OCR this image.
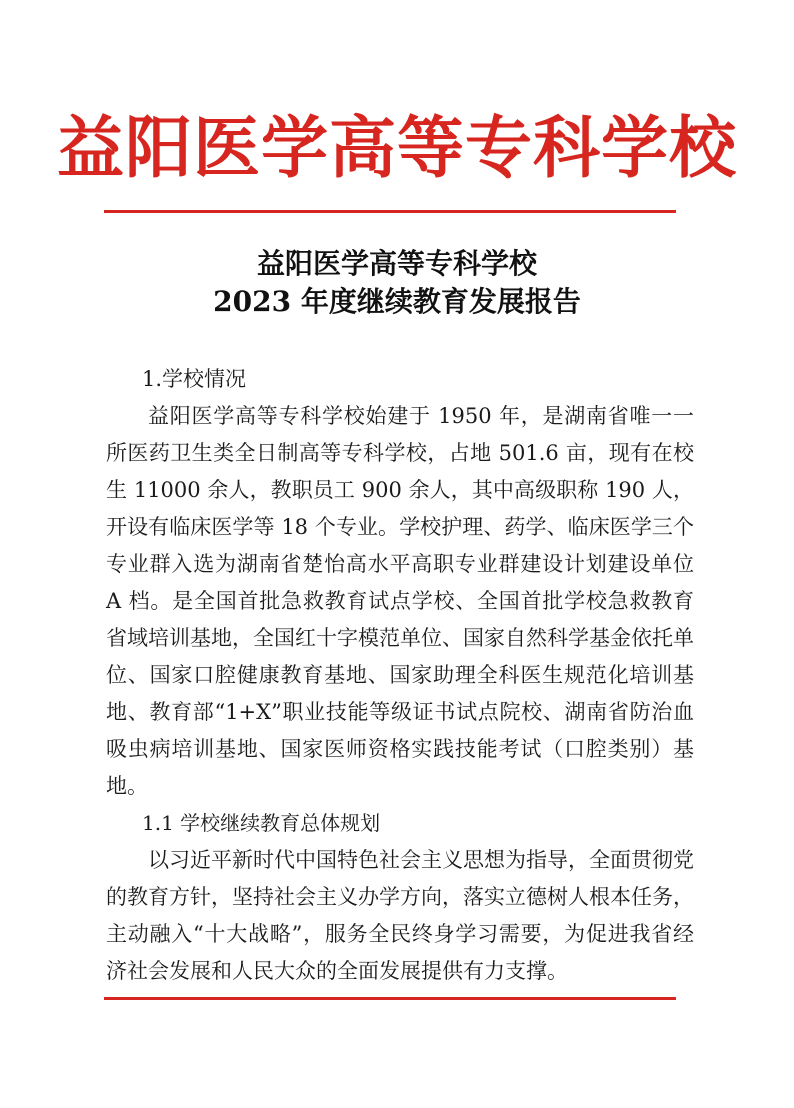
益阳医学高等专科学校
益阳医学高等专科学校
2023 年度继续教育发展报告

1.学校情况

益阳医学高等专科学校始建于 1950 年，是湖南省唯一一所医药卫生类全日制高等专科学校，占地 501.6 亩，现有在校生 11000 余人，教职员工 900 余人，其中高级职称 190 人，开设有临床医学等 18 个专业。学校护理、药学、临床医学三个专业群入选为湖南省楚怡高水平高职专业群建设计划建设单位 A 档。是全国首批急救教育试点学校、全国首批学校急救教育省域培训基地，全国红十字模范单位、国家自然科学基金依托单位、国家口腔健康教育基地、国家助理全科医生规范化培训基地、教育部“1+X”职业技能等级证书试点院校、湖南省防治血吸虫病培训基地、国家医师资格实践技能考试（口腔类别）基地。

1.1 学校继续教育总体规划

以习近平新时代中国特色社会主义思想为指导，全面贯彻党的教育方针，坚持社会主义办学方向，落实立德树人根本任务，主动融入“十大战略”，服务全民终身学习需要，为促进我省经济社会发展和人民大众的全面发展提供有力支撑。
